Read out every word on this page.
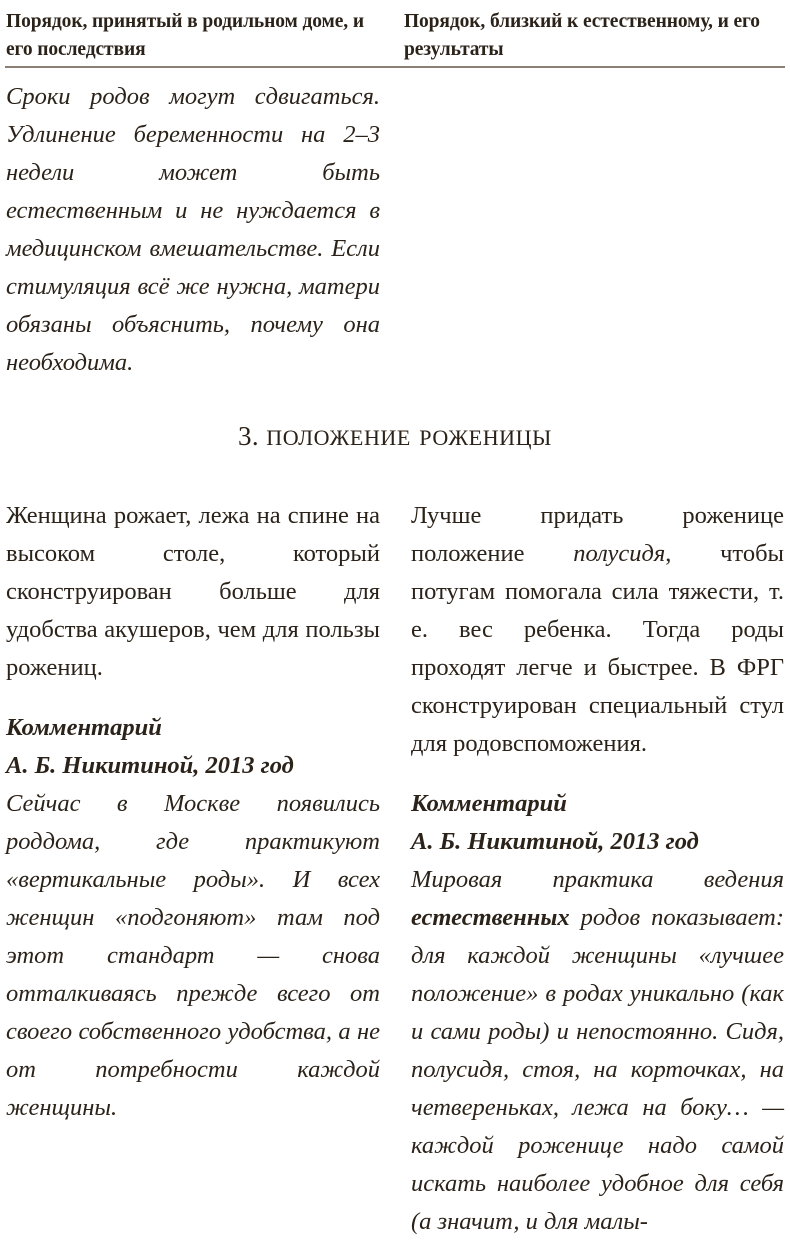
Порядок, принятый в родильном доме, и его последствия
Порядок, близкий к естественному, и его результаты

Сроки родов могут сдвигаться. Удлинение беременности на 2–3 недели может быть естественным и не нуждается в медицинском вмешательстве. Если стимуляция всё же нужна, матери обязаны объяснить, почему она необходима.

3. положение роженицы

Женщина рожает, лежа на спине на высоком столе, который сконструирован больше для удобства акушеров, чем для пользы рожениц.

Комментарий

А. Б. Никитиной, 2013 год

Сейчас в Москве появились роддома, где практикуют «вертикальные роды». И всех женщин «подгоняют» там под этот стандарт — снова отталкиваясь прежде всего от своего собственного удобства, а не от потребности каждой женщины.

Лучше придать роженице положение полусидя, чтобы потугам помогала сила тяжести, т. е. вес ребенка. Тогда роды проходят легче и быстрее. В ФРГ сконструирован специальный стул для родовспоможения.

Комментарий

А. Б. Никитиной, 2013 год

Мировая практика ведения естественных родов показывает: для каждой женщины «лучшее положение» в родах уникально (как и сами роды) и непостоянно. Сидя, полусидя, стоя, на корточках, на четвереньках, лежа на боку… — каждой роженице надо самой искать наиболее удобное для себя (а значит, и для малы-
